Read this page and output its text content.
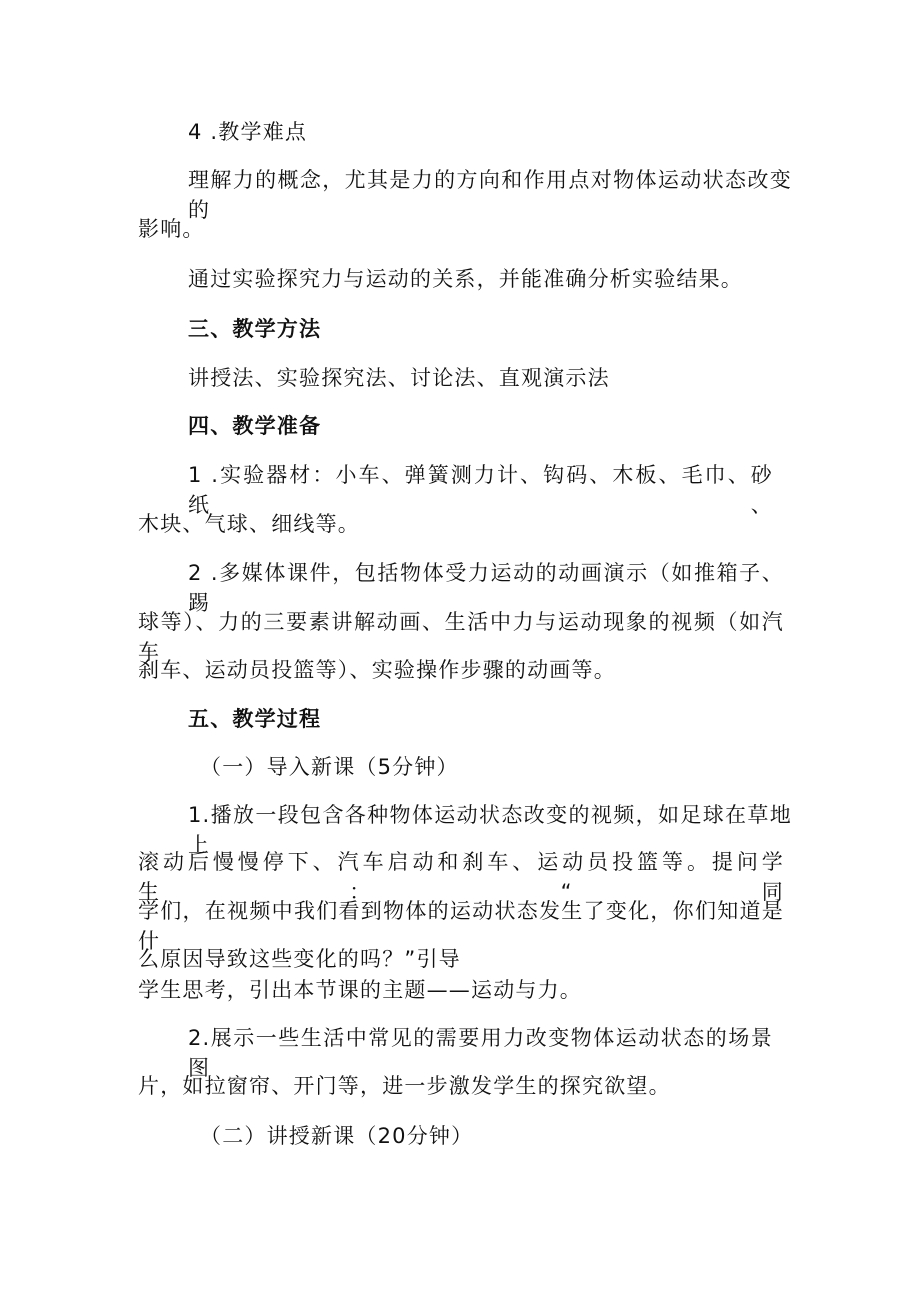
4 .教学难点
理解力的概念，尤其是力的方向和作用点对物体运动状态改变的
影响。
通过实验探究力与运动的关系，并能准确分析实验结果。
三、教学方法
讲授法、实验探究法、讨论法、直观演示法
四、教学准备
1 .实验器材：小车、弹簧测力计、钩码、木板、毛巾、砂纸、
木块、气球、细线等。
2 .多媒体课件，包括物体受力运动的动画演示（如推箱子、踢
球等）、力的三要素讲解动画、生活中力与运动现象的视频（如汽车
刹车、运动员投篮等）、实验操作步骤的动画等。
五、教学过程
（一）导入新课（5分钟）
1.播放一段包含各种物体运动状态改变的视频，如足球在草地上
滚动后慢慢停下、汽车启动和刹车、运动员投篮等。提问学生：“同
学们，在视频中我们看到物体的运动状态发生了变化，你们知道是什
么原因导致这些变化的吗？”引导
学生思考，引出本节课的主题——运动与力。
2.展示一些生活中常见的需要用力改变物体运动状态的场景图
片，如拉窗帘、开门等，进一步激发学生的探究欲望。
（二）讲授新课（20分钟）
